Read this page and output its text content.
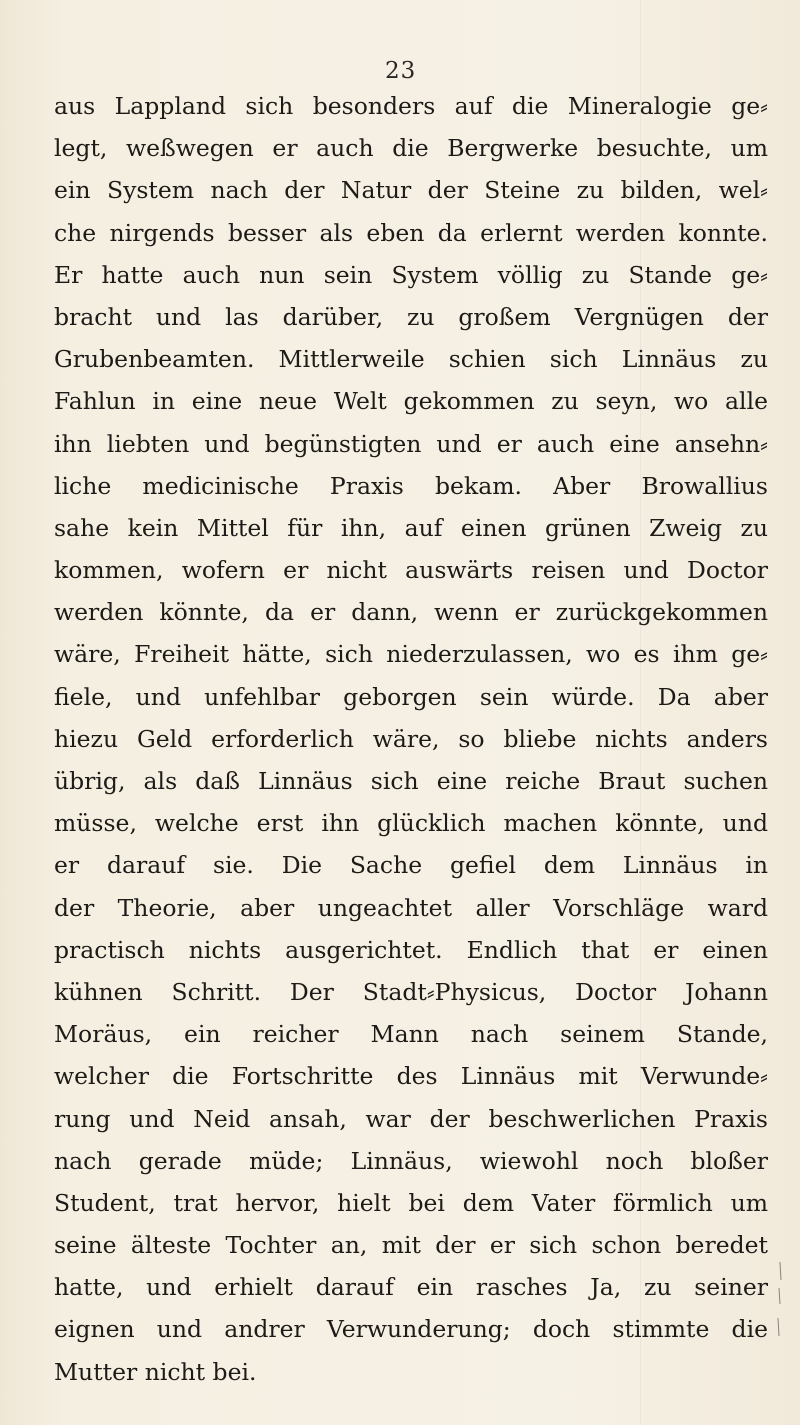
23
aus Lappland sich besonders auf die Mineralogie ge⸗
legt, weßwegen er auch die Bergwerke besuchte, um
ein System nach der Natur der Steine zu bilden, wel⸗
che nirgends besser als eben da erlernt werden konnte.
Er hatte auch nun sein System völlig zu Stande ge⸗
bracht und las darüber, zu großem Vergnügen der
Grubenbeamten. Mittlerweile schien sich Linnäus zu
Fahlun in eine neue Welt gekommen zu seyn, wo alle
ihn liebten und begünstigten und er auch eine ansehn⸗
liche medicinische Praxis bekam. Aber Browallius
sahe kein Mittel für ihn, auf einen grünen Zweig zu
kommen, wofern er nicht auswärts reisen und Doctor
werden könnte, da er dann, wenn er zurückgekommen
wäre, Freiheit hätte, sich niederzulassen, wo es ihm ge⸗
fiele, und unfehlbar geborgen sein würde. Da aber
hiezu Geld erforderlich wäre, so bliebe nichts anders
übrig, als daß Linnäus sich eine reiche Braut suchen
müsse, welche erst ihn glücklich machen könnte, und
er darauf sie. Die Sache gefiel dem Linnäus in
der Theorie, aber ungeachtet aller Vorschläge ward
practisch nichts ausgerichtet. Endlich that er einen
kühnen Schritt. Der Stadt⸗Physicus, Doctor Johann
Moräus, ein reicher Mann nach seinem Stande,
welcher die Fortschritte des Linnäus mit Verwunde⸗
rung und Neid ansah, war der beschwerlichen Praxis
nach gerade müde; Linnäus, wiewohl noch bloßer
Student, trat hervor, hielt bei dem Vater förmlich um
seine älteste Tochter an, mit der er sich schon beredet
hatte, und erhielt darauf ein rasches Ja, zu seiner
eignen und andrer Verwunderung; doch stimmte die
Mutter nicht bei.
